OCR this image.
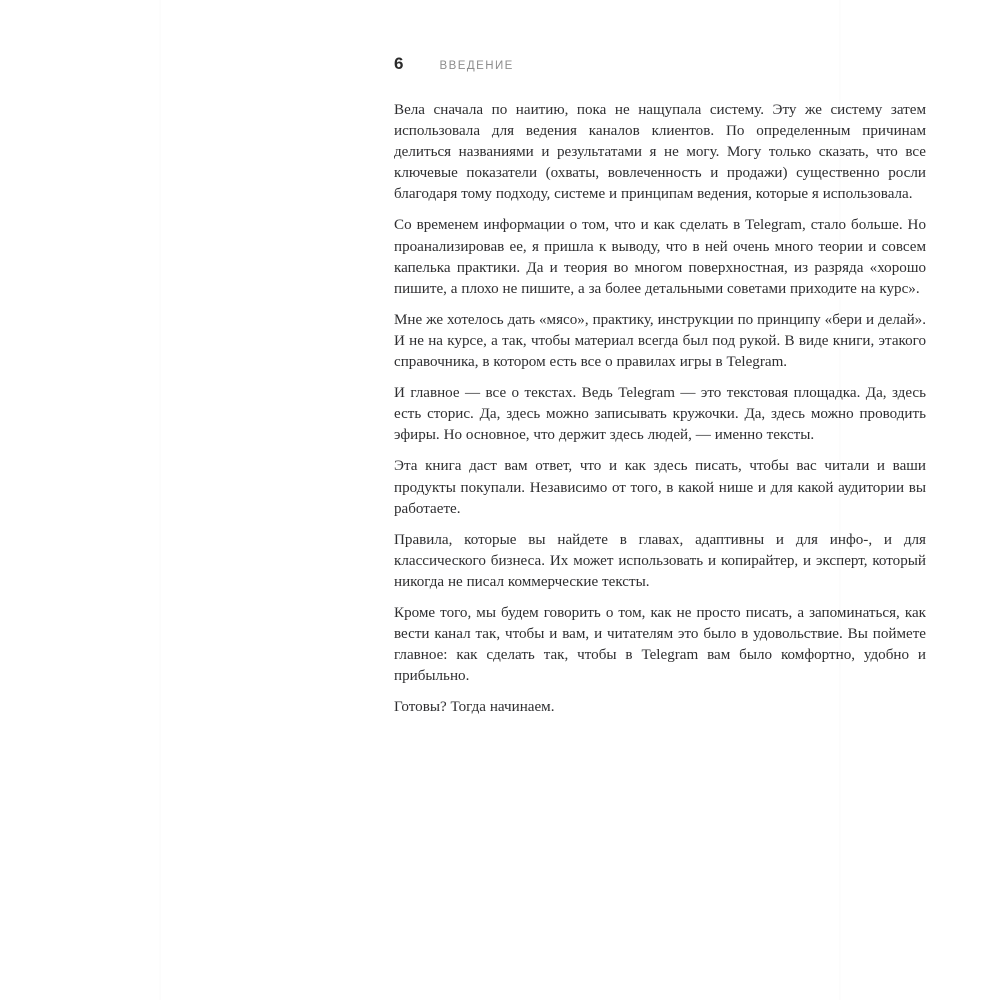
6	ВВЕДЕНИЕ

Вела сначала по наитию, пока не нащупала систему. Эту же систему затем использовала для ведения каналов клиентов. По определенным причинам делиться названиями и результатами я не могу. Могу только сказать, что все ключевые показатели (охваты, вовлеченность и продажи) существенно росли благодаря тому подходу, системе и принципам ведения, которые я использовала.

Со временем информации о том, что и как сделать в Telegram, стало больше. Но проанализировав ее, я пришла к выводу, что в ней очень много теории и совсем капелька практики. Да и теория во многом поверхностная, из разряда «хорошо пишите, а плохо не пишите, а за более детальными советами приходите на курс».

Мне же хотелось дать «мясо», практику, инструкции по принципу «бери и делай». И не на курсе, а так, чтобы материал всегда был под рукой. В виде книги, этакого справочника, в котором есть все о правилах игры в Telegram.

И главное — все о текстах. Ведь Telegram — это текстовая площадка. Да, здесь есть сторис. Да, здесь можно записывать кружочки. Да, здесь можно проводить эфиры. Но основное, что держит здесь людей, — именно тексты.

Эта книга даст вам ответ, что и как здесь писать, чтобы вас читали и ваши продукты покупали. Независимо от того, в какой нише и для какой аудитории вы работаете.

Правила, которые вы найдете в главах, адаптивны и для инфо-, и для классического бизнеса. Их может использовать и копирайтер, и эксперт, который никогда не писал коммерческие тексты.

Кроме того, мы будем говорить о том, как не просто писать, а запоминаться, как вести канал так, чтобы и вам, и читателям это было в удовольствие. Вы поймете главное: как сделать так, чтобы в Telegram вам было комфортно, удобно и прибыльно.

Готовы? Тогда начинаем.
